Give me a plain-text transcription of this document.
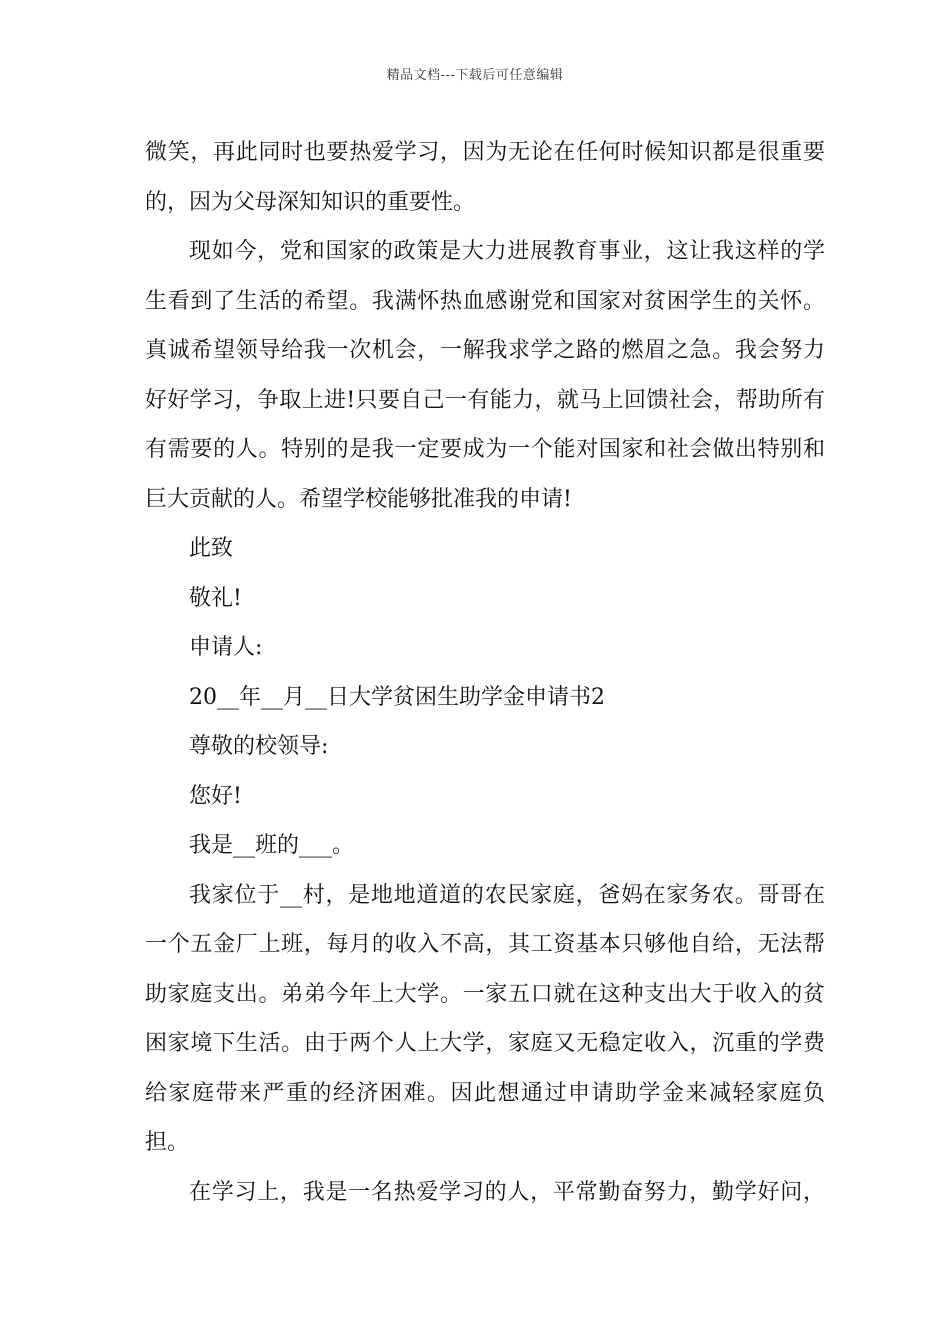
精品文档---下载后可任意编辑

微笑，再此同时也要热爱学习，因为无论在任何时候知识都是很重要的，因为父母深知知识的重要性。

现如今，党和国家的政策是大力进展教育事业，这让我这样的学生看到了生活的希望。我满怀热血感谢党和国家对贫困学生的关怀。真诚希望领导给我一次机会，一解我求学之路的燃眉之急。我会努力好好学习，争取上进!只要自己一有能力，就马上回馈社会，帮助所有有需要的人。特别的是我一定要成为一个能对国家和社会做出特别和巨大贡献的人。希望学校能够批准我的申请!

此致

敬礼!

申请人:

20__年__月__日大学贫困生助学金申请书2

尊敬的校领导:

您好!

我是__班的___。

我家位于__村，是地地道道的农民家庭，爸妈在家务农。哥哥在一个五金厂上班，每月的收入不高，其工资基本只够他自给，无法帮助家庭支出。弟弟今年上大学。一家五口就在这种支出大于收入的贫困家境下生活。由于两个人上大学，家庭又无稳定收入，沉重的学费给家庭带来严重的经济困难。因此想通过申请助学金来减轻家庭负担。

在学习上，我是一名热爱学习的人，平常勤奋努力，勤学好问，
